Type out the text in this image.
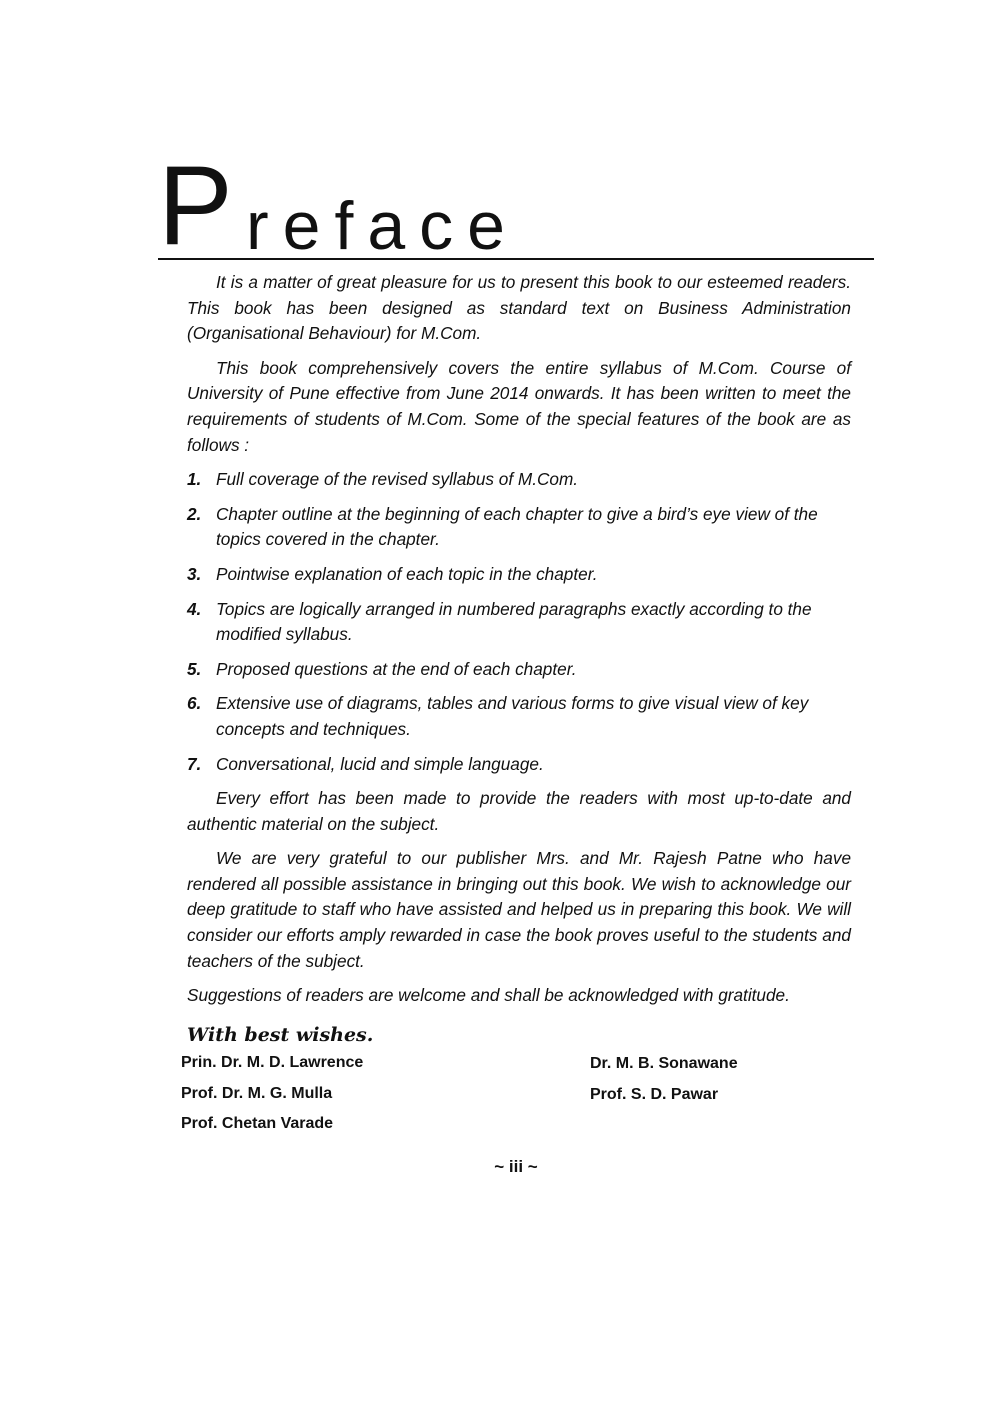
P reface

It is a matter of great pleasure for us to present this book to our esteemed readers. This book has been designed as standard text on Business Administration (Organisational Behaviour) for M.Com.

This book comprehensively covers the entire syllabus of M.Com. Course of University of Pune effective from June 2014 onwards. It has been written to meet the requirements of students of M.Com. Some of the special features of the book are as follows :

1. Full coverage of the revised syllabus of M.Com.
2. Chapter outline at the beginning of each chapter to give a bird’s eye view of the topics covered in the chapter.
3. Pointwise explanation of each topic in the chapter.
4. Topics are logically arranged in numbered paragraphs exactly according to the modified syllabus.
5. Proposed questions at the end of each chapter.
6. Extensive use of diagrams, tables and various forms to give visual view of key concepts and techniques.
7. Conversational, lucid and simple language.

Every effort has been made to provide the readers with most up-to-date and authentic material on the subject.

We are very grateful to our publisher Mrs. and Mr. Rajesh Patne who have rendered all possible assistance in bringing out this book. We wish to acknowledge our deep gratitude to staff who have assisted and helped us in preparing this book. We will consider our efforts amply rewarded in case the book proves useful to the students and teachers of the subject.

Suggestions of readers are welcome and shall be acknowledged with gratitude.

With best wishes.
Prin. Dr. M. D. Lawrence
Prof. Dr. M. G. Mulla
Prof. Chetan Varade
Dr. M. B. Sonawane
Prof. S. D. Pawar
~ iii ~
